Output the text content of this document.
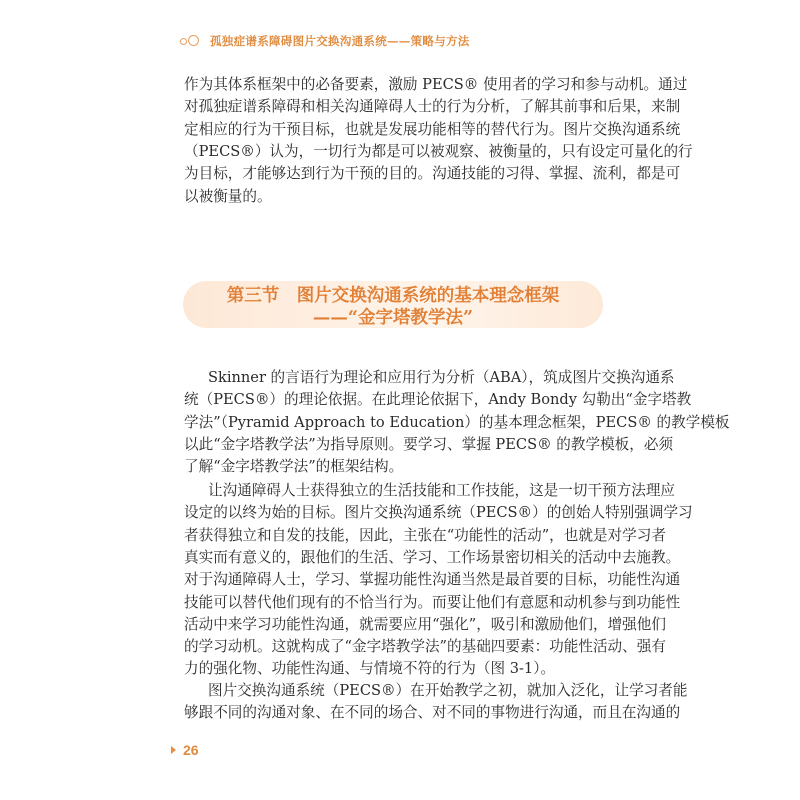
孤独症谱系障碍图片交换沟通系统——策略与方法
作为其体系框架中的必备要素，激励 PECS® 使用者的学习和参与动机。通过
对孤独症谱系障碍和相关沟通障碍人士的行为分析，了解其前事和后果，来制
定相应的行为干预目标，也就是发展功能相等的替代行为。图片交换沟通系统
（PECS®）认为，一切行为都是可以被观察、被衡量的，只有设定可量化的行
为目标，才能够达到行为干预的目的。沟通技能的习得、掌握、流利，都是可
以被衡量的。
第三节　图片交换沟通系统的基本理念框架
——“金字塔教学法”
Skinner 的言语行为理论和应用行为分析（ABA），筑成图片交换沟通系
统（PECS®）的理论依据。在此理论依据下，Andy Bondy 勾勒出“金字塔教
学法”（Pyramid Approach to Education）的基本理念框架，PECS® 的教学模板
以此“金字塔教学法”为指导原则。要学习、掌握 PECS® 的教学模板，必须
了解“金字塔教学法”的框架结构。
让沟通障碍人士获得独立的生活技能和工作技能，这是一切干预方法理应
设定的以终为始的目标。图片交换沟通系统（PECS®）的创始人特别强调学习
者获得独立和自发的技能，因此，主张在“功能性的活动”，也就是对学习者
真实而有意义的，跟他们的生活、学习、工作场景密切相关的活动中去施教。
对于沟通障碍人士，学习、掌握功能性沟通当然是最首要的目标，功能性沟通
技能可以替代他们现有的不恰当行为。而要让他们有意愿和动机参与到功能性
活动中来学习功能性沟通，就需要应用“强化”，吸引和激励他们，增强他们
的学习动机。这就构成了“金字塔教学法”的基础四要素：功能性活动、强有
力的强化物、功能性沟通、与情境不符的行为（图 3-1）。
图片交换沟通系统（PECS®）在开始教学之初，就加入泛化，让学习者能
够跟不同的沟通对象、在不同的场合、对不同的事物进行沟通，而且在沟通的
26
